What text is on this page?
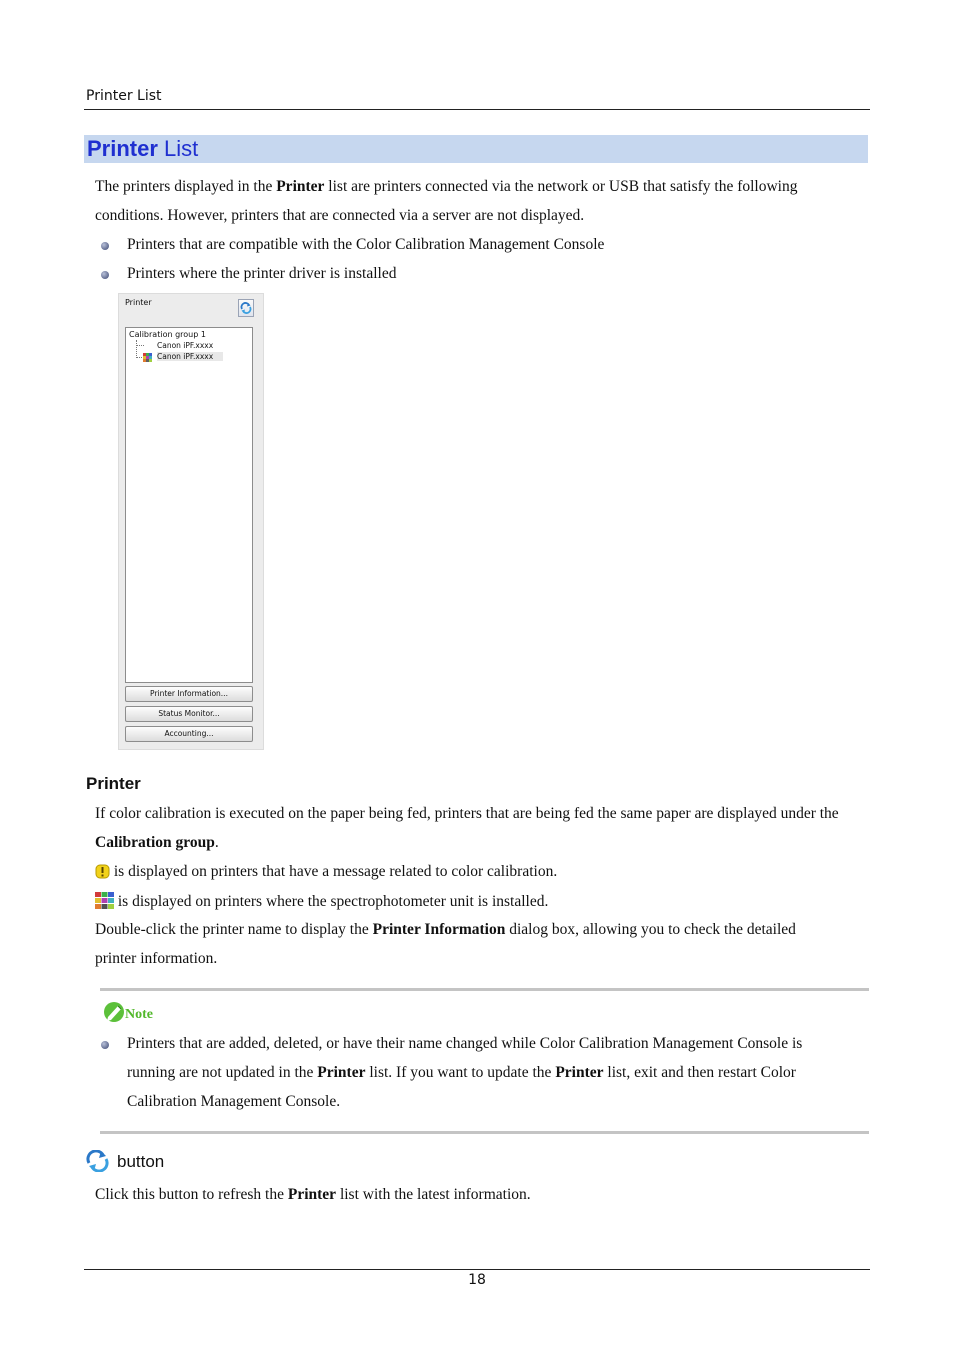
Printer List
Printer List
The printers displayed in the Printer list are printers connected via the network or USB that satisfy the following
conditions. However, printers that are connected via a server are not displayed.
Printers that are compatible with the Color Calibration Management Console
Printers where the printer driver is installed
Printer
Calibration group 1
Canon iPF.xxxx
Canon iPF.xxxx
Printer Information...
Status Monitor...
Accounting...
Printer
If color calibration is executed on the paper being fed, printers that are being fed the same paper are displayed under the
Calibration group.
is displayed on printers that have a message related to color calibration.
is displayed on printers where the spectrophotometer unit is installed.
Double-click the printer name to display the Printer Information dialog box, allowing you to check the detailed
printer information.
Note
Printers that are added, deleted, or have their name changed while Color Calibration Management Console is
running are not updated in the Printer list. If you want to update the Printer list, exit and then restart Color
Calibration Management Console.
button
Click this button to refresh the Printer list with the latest information.
18
